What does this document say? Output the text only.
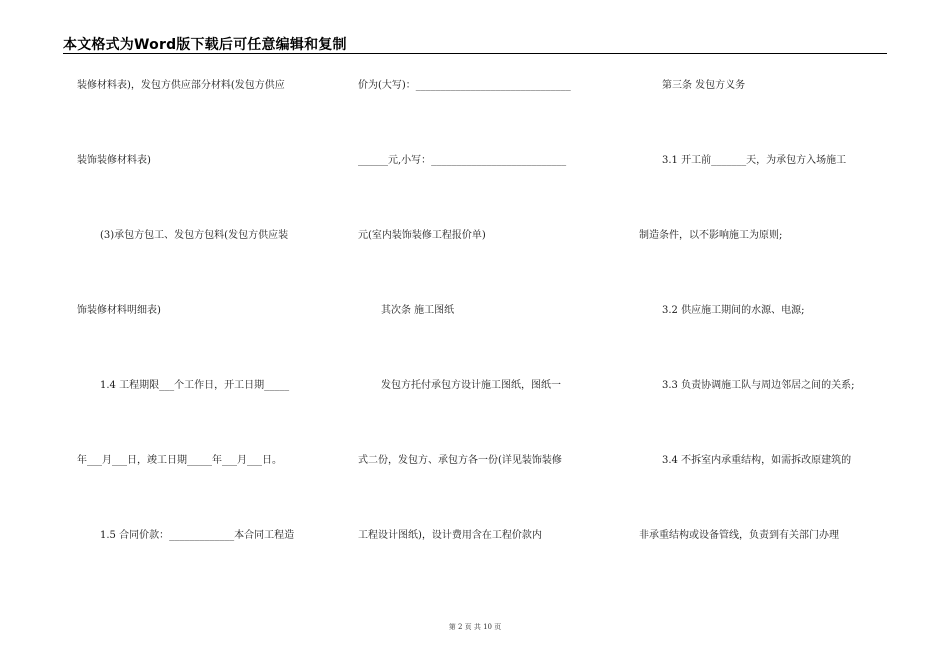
本文格式为Word版下载后可任意编辑和复制
装修材料表)，发包方供应部分材料(发包方供应
装饰装修材料表)
(3)承包方包工、发包方包料(发包方供应装
饰装修材料明细表)
1.4 工程期限___个工作日，开工日期_____
年___月___日，竣工日期_____年___月___日。
1.5 合同价款：_____________本合同工程造
价为(大写)：_______________________________
______元,小写：___________________________
元(室内装饰装修工程报价单)
其次条 施工图纸
发包方托付承包方设计施工图纸，图纸一
式二份，发包方、承包方各一份(详见装饰装修
工程设计图纸)，设计费用含在工程价款内
第三条 发包方义务
3.1 开工前_______天，为承包方入场施工
制造条件，以不影响施工为原则;
3.2 供应施工期间的水源、电源;
3.3 负责协调施工队与周边邻居之间的关系;
3.4 不拆室内承重结构，如需拆改原建筑的
非承重结构或设备管线，负责到有关部门办理
第 2 页 共 10 页
